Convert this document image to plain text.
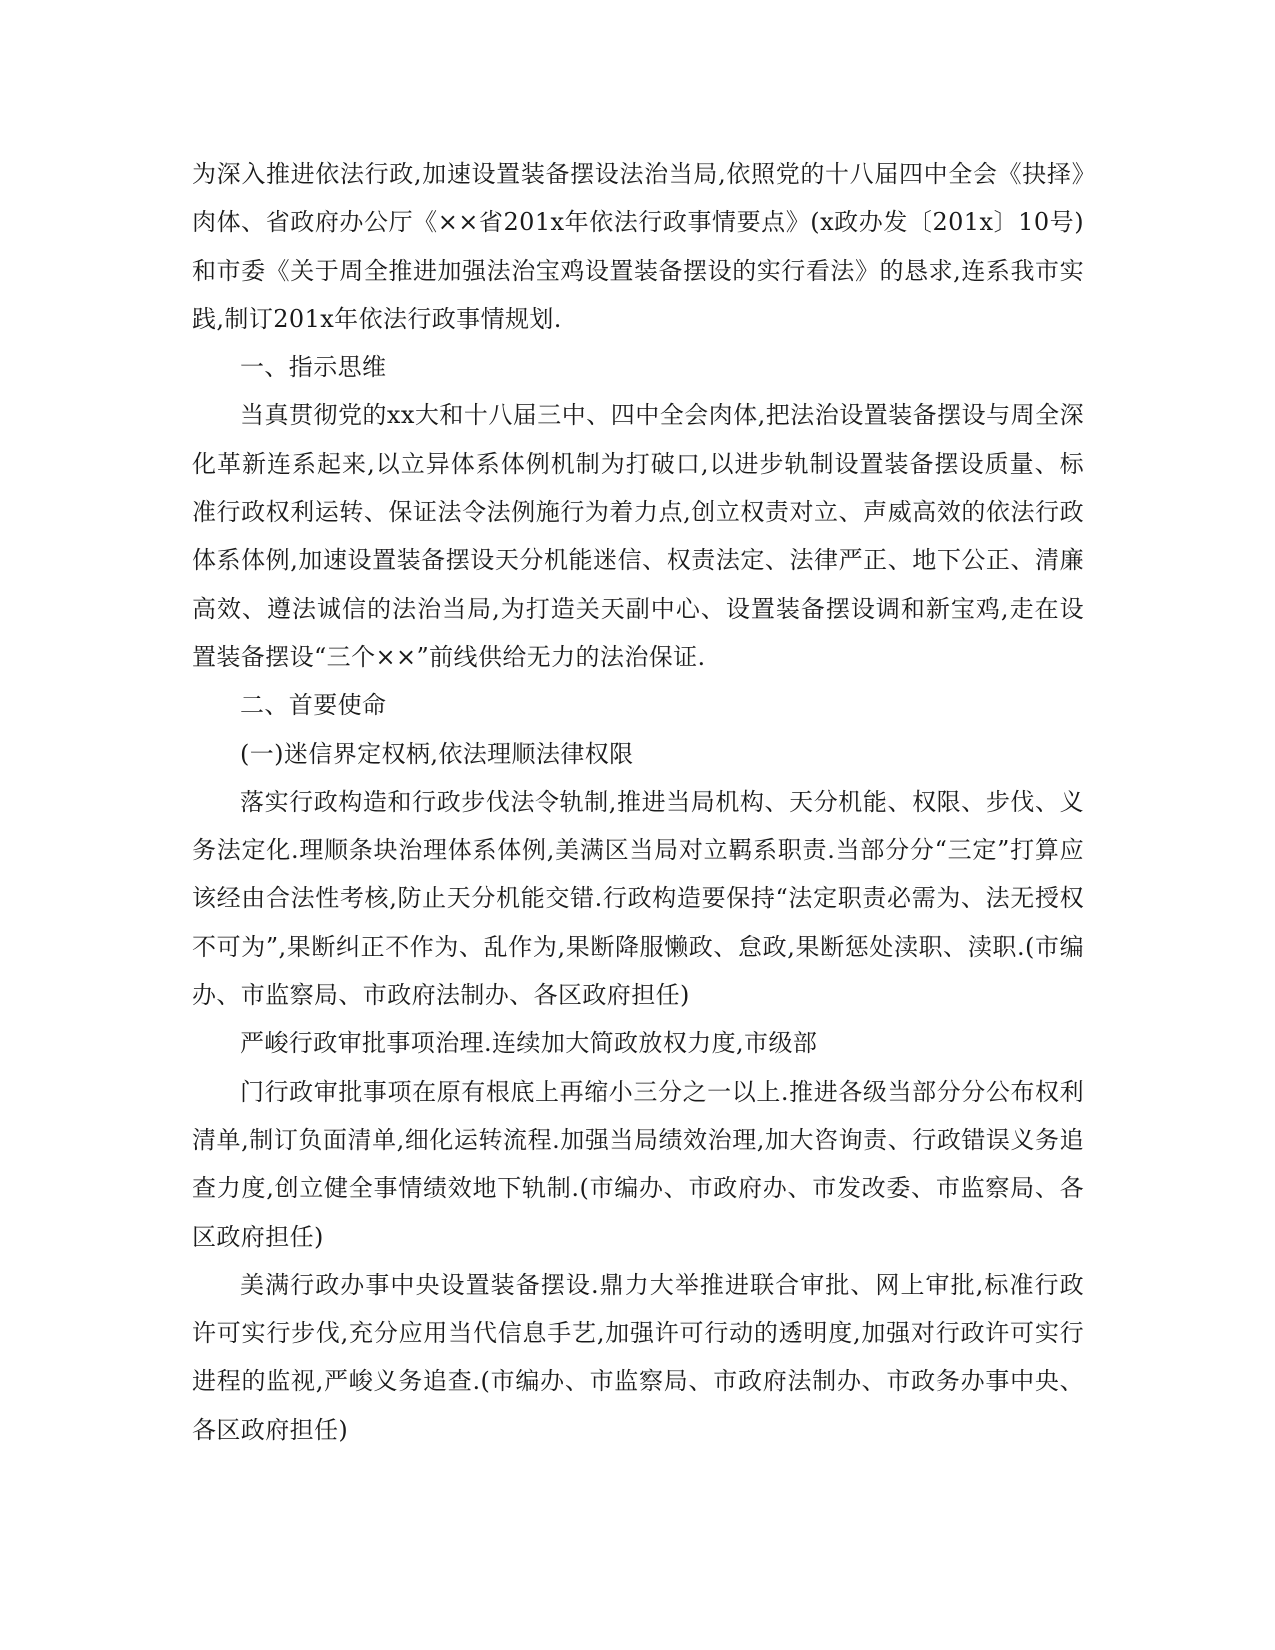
为深入推进依法行政,加速设置装备摆设法治当局,依照党的十八届四中全会《抉择》肉体、省政府办公厅《××省201x年依法行政事情要点》(x政办发〔201x〕10号)和市委《关于周全推进加强法治宝鸡设置装备摆设的实行看法》的恳求,连系我市实践,制订201x年依法行政事情规划.

一、指示思维

当真贯彻党的xx大和十八届三中、四中全会肉体,把法治设置装备摆设与周全深化革新连系起来,以立异体系体例机制为打破口,以进步轨制设置装备摆设质量、标准行政权利运转、保证法令法例施行为着力点,创立权责对立、声威高效的依法行政体系体例,加速设置装备摆设天分机能迷信、权责法定、法律严正、地下公正、清廉高效、遵法诚信的法治当局,为打造关天副中心、设置装备摆设调和新宝鸡,走在设置装备摆设“三个××”前线供给无力的法治保证.

二、首要使命

(一)迷信界定权柄,依法理顺法律权限

落实行政构造和行政步伐法令轨制,推进当局机构、天分机能、权限、步伐、义务法定化.理顺条块治理体系体例,美满区当局对立羁系职责.当部分分“三定”打算应该经由合法性考核,防止天分机能交错.行政构造要保持“法定职责必需为、法无授权不可为”,果断纠正不作为、乱作为,果断降服懒政、怠政,果断惩处渎职、渎职.(市编办、市监察局、市政府法制办、各区政府担任)

严峻行政审批事项治理.连续加大简政放权力度,市级部

门行政审批事项在原有根底上再缩小三分之一以上.推进各级当部分分公布权利清单,制订负面清单,细化运转流程.加强当局绩效治理,加大咨询责、行政错误义务追查力度,创立健全事情绩效地下轨制.(市编办、市政府办、市发改委、市监察局、各区政府担任)

美满行政办事中央设置装备摆设.鼎力大举推进联合审批、网上审批,标准行政许可实行步伐,充分应用当代信息手艺,加强许可行动的透明度,加强对行政许可实行进程的监视,严峻义务追查.(市编办、市监察局、市政府法制办、市政务办事中央、各区政府担任)
